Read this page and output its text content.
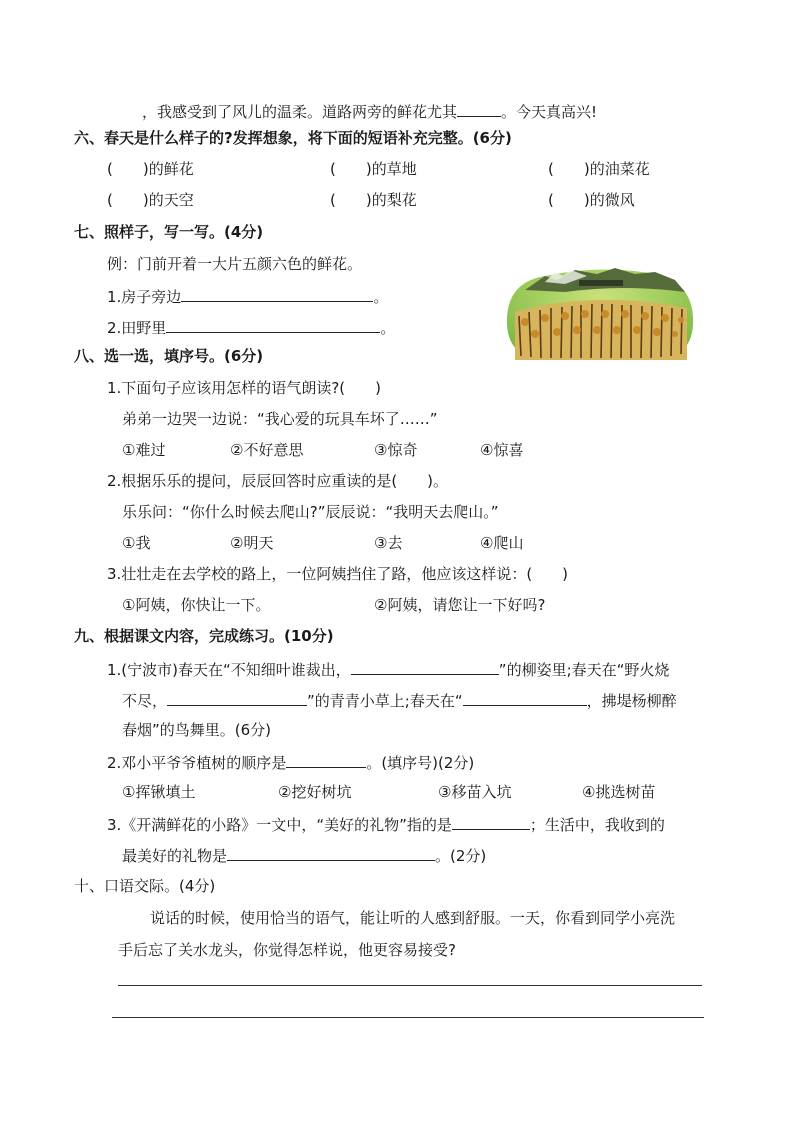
，我感受到了风儿的温柔。道路两旁的鲜花尤其	。今天真高兴!
六、春天是什么样子的?发挥想象，将下面的短语补充完整。(6分)
(　　)的鲜花	(　　)的草地	(　　)的油菜花
(　　)的天空	(　　)的梨花	(　　)的微风
七、照样子，写一写。(4分)
例：门前开着一大片五颜六色的鲜花。
1.房子旁边	。
2.田野里	。
八、选一选，填序号。(6分)
1.下面句子应该用怎样的语气朗读?(　　)
弟弟一边哭一边说：“我心爱的玩具车坏了……”
①难过	②不好意思	③惊奇	④惊喜
2.根据乐乐的提问，辰辰回答时应重读的是(　　)。
乐乐问：“你什么时候去爬山?”辰辰说：“我明天去爬山。”
①我	②明天	③去	④爬山
3.壮壮走在去学校的路上，一位阿姨挡住了路，他应该这样说：(　　)
①阿姨，你快让一下。	②阿姨，请您让一下好吗?
九、根据课文内容，完成练习。(10分)
1.(宁波市)春天在“不知细叶谁裁出，	”的柳姿里;春天在“野火烧
不尽，	”的青青小草上;春天在“	，拂堤杨柳醉
春烟”的鸟舞里。(6分)
2.邓小平爷爷植树的顺序是	。(填序号)(2分)
①挥锹填土	②挖好树坑	③移苗入坑	④挑选树苗
3.《开满鲜花的小路》一文中，“美好的礼物”指的是	；生活中，我收到的
最美好的礼物是	。(2分)
十、口语交际。(4分)
说话的时候，使用恰当的语气，能让听的人感到舒服。一天，你看到同学小亮洗
手后忘了关水龙头，你觉得怎样说，他更容易接受?
